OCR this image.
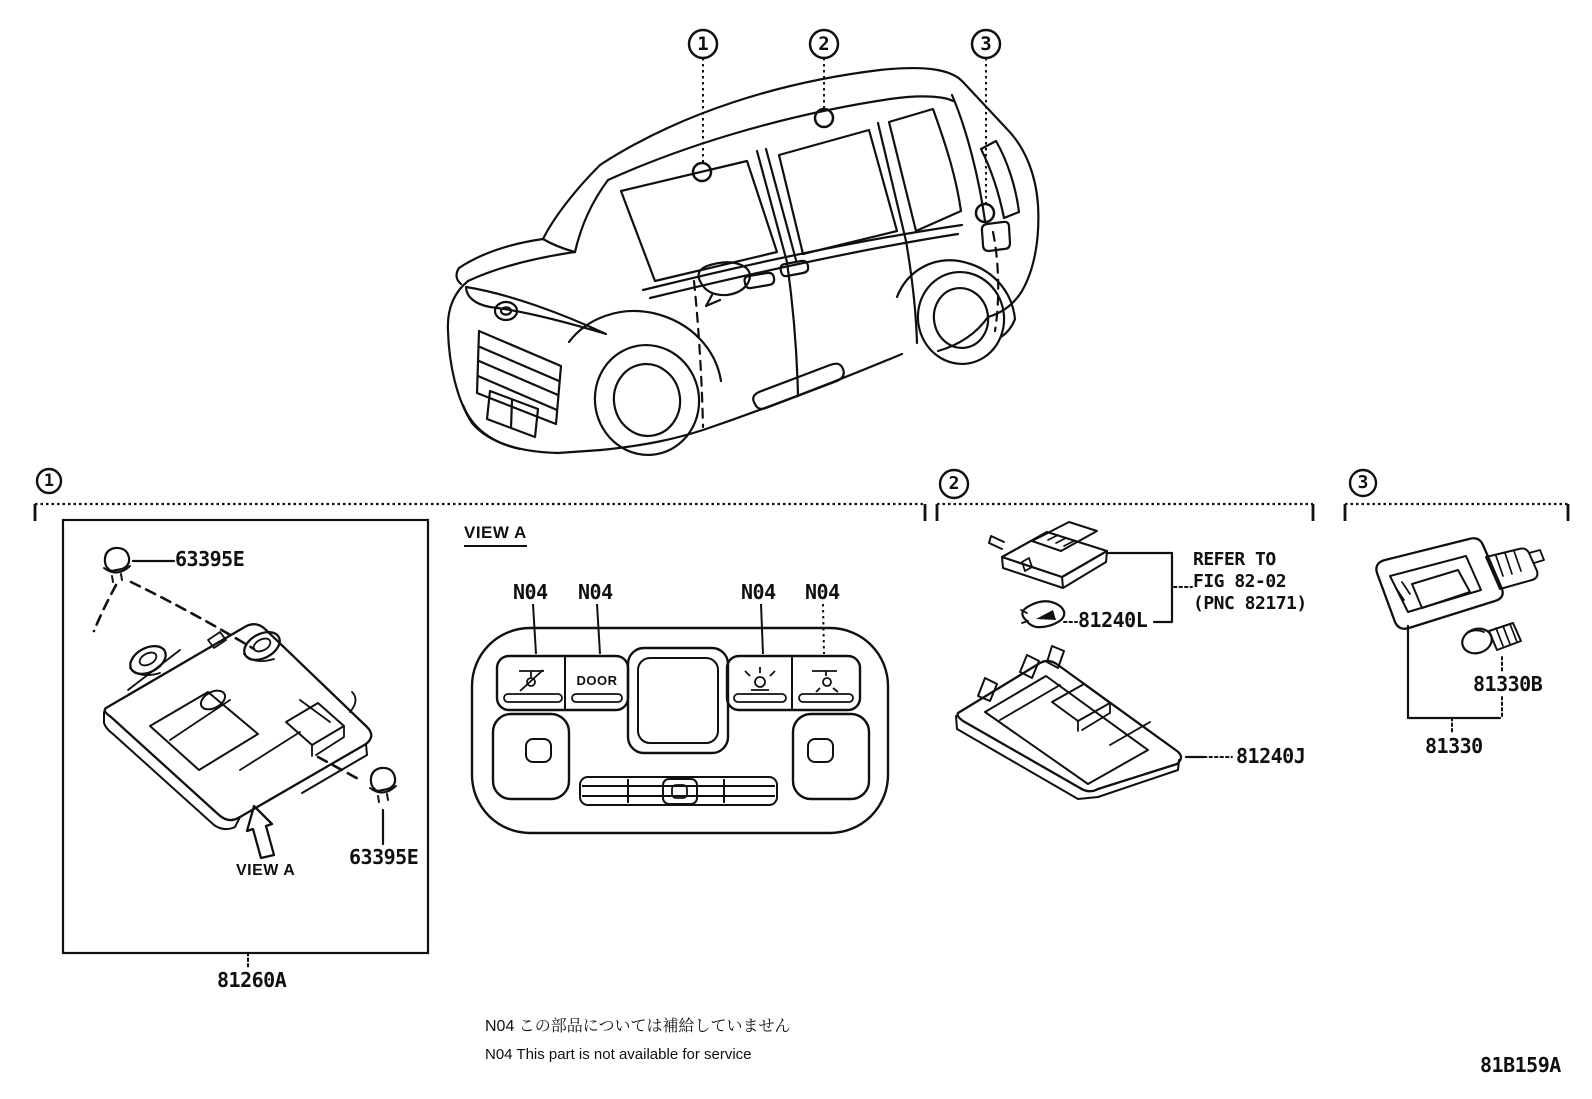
1	2	3
1	2	3
63395E
63395E
VIEW A
81260A
VIEW A
N04 N04	N04 N04
DOOR
81240L
REFER TO
FIG 82-02
(PNC 82171)
81240J
81330B
81330
N04 この部品については補給していません
N04 This part is not available for service	81B159A
